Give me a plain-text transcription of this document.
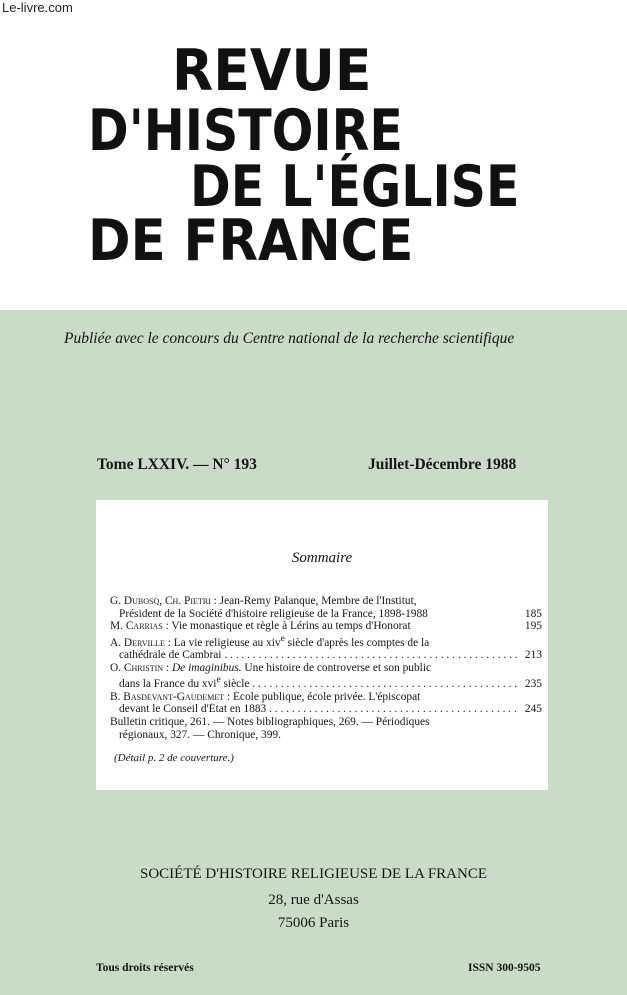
Le-livre.com
REVUE
D'HISTOIRE
DE L'ÉGLISE
DE FRANCE
Publiée avec le concours du Centre national de la recherche scientifique
Tome LXXIV. — N° 193	Juillet-Décembre 1988
Sommaire
G. Dubosq, Ch. Pietri : Jean-Remy Palanque, Membre de l'Institut,
Président de la Société d'histoire religieuse de la France, 1898-1988	185
M. Carrias : Vie monastique et règle à Lérins au temps d'Honorat	195
A. Derville : La vie religieuse au xiv$^e$ siècle d'après les comptes de la
cathédrale de Cambrai . . .	213
O. Christin : De imaginibus. Une histoire de controverse et son public
dans la France du xvi$^e$ siècle . . .	235
B. Basdevant-Gaudemet : École publique, école privée. L'épiscopat
devant le Conseil d'État en 1883 . . .	245
Bulletin critique, 261. — Notes bibliographiques, 269. — Périodiques
régionaux, 327. — Chronique, 399.
(Détail p. 2 de couverture.)
SOCIÉTÉ D'HISTOIRE RELIGIEUSE DE LA FRANCE
28, rue d'Assas
75006 Paris
Tous droits réservés	ISSN 300-9505
